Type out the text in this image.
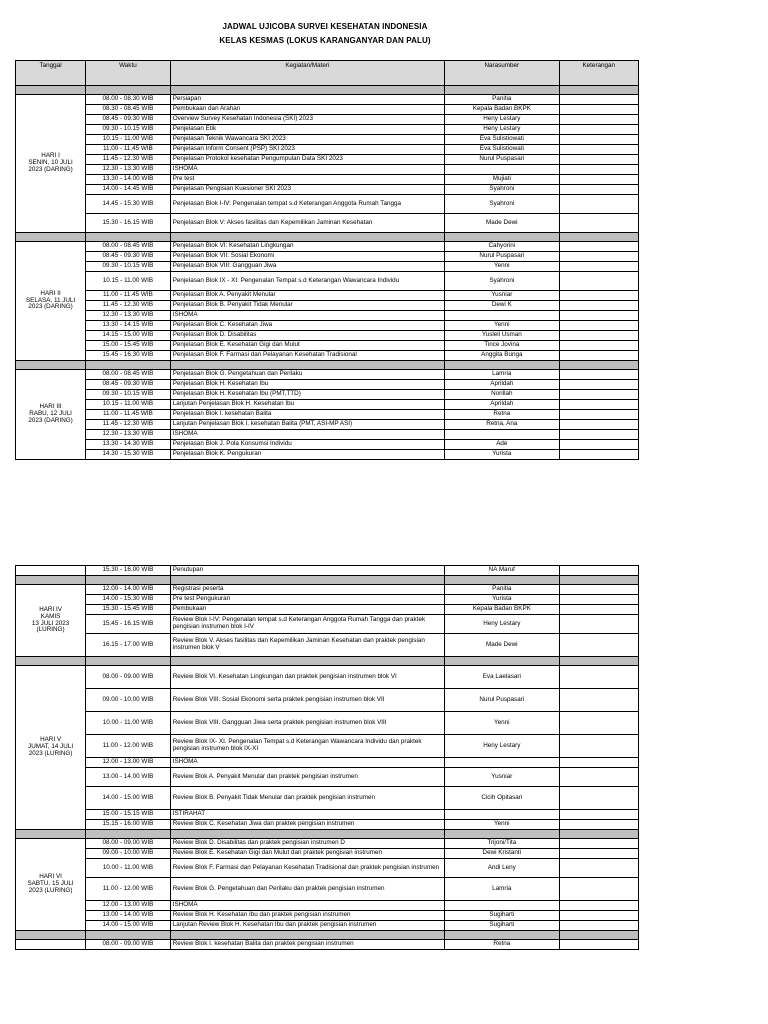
JADWAL UJICOBA SURVEI KESEHATAN INDONESIA
KELAS KESMAS (LOKUS KARANGANYAR DAN PALU)
Tanggal	Waktu	Kegiatan/Materi	Narasumber	Keterangan

HARI I
SENIN, 10 JULI
2023 (DARING)	08.00 - 08.30 WIB	Persiapan	Panitia	
	08.30 - 08.45 WIB	Pembukaan dan Arahan	Kepala Badan BKPK	
	08.45 - 09.30 WIB	Overview Survey Kesehatan Indonesia (SKI) 2023	Heny Lestary	
	09.30 - 10.15 WIB	Penjelasan Etik	Heny Lestary	
	10.15 - 11.00 WIB	Penjelasan Teknik Wawancara SKI 2023	Eva Sulistiowati	
	11.00 - 11.45 WIB	Penjelasan Inform Consent (PSP) SKI 2023	Eva Sulistiowati	
	11.45 - 12.30 WIB	Penjelasan Protokol kesehatan Pengumpulan Data SKI 2023	Nurul Puspasari	
	12.30 - 13.30 WIB	ISHOMA		
	13.30 - 14.00 WIB	Pre test	Mujiati	
	14.00 - 14.45 WIB	Penjelasan Pengisian Kuesioner SKI 2023	Syahroni	
	14.45 - 15.30 WIB	Penjelasan Blok I-IV: Pengenalan tempat s.d Keterangan Anggota Rumah Tangga	Syahroni	
	15.30 - 16.15 WIB	Penjelasan Blok V: Akses fasilitas dan Kepemilikan Jaminan Kesehatan	Made Dewi	

HARI II
SELASA, 11 JULI
2023 (DARING)	08.00 - 08.45 WIB	Penjelasan Blok VI: Kesehatan Lingkungan	Cahyorini	
	08.45 - 09.30 WIB	Penjelasan Blok VII: Sosial Ekonomi	Nurul Puspasari	
	09.30 - 10.15 WIB	Penjelasan Blok VIII: Gangguan Jiwa	Yenni	
	10.15 - 11.00 WIB	Penjelasan Blok IX - XI: Pengenalan Tempat s.d Keterangan Wawancara Individu	Syahroni	
	11.00 - 11.45 WIB	Penjelasan Blok A. Penyakit Menular	Yusniar	
	11.45 - 12.30 WIB	Penjelasan Blok B. Penyakit Tidak Menular	Dewi K	
	12.30 - 13.30 WIB	ISHOMA		
	13.30 - 14.15 WIB	Penjelasan Blok C. Kesehatan Jiwa	Yenni	
	14.15 - 15.00 WIB	Penjelasan Blok D. Disabilitas	Yusleli Usman	
	15.00 - 15.45 WIB	Penjelasan Blok E. Kesehatan Gigi dan Mulut	Tince Jovina	
	15.45 - 16.30 WIB	Penjelasan Blok F. Farmasi dan Pelayanan Kesehatan Tradisional	Anggita Bunga	

HARI III
RABU, 12 JULI
2023 (DARING)	08.00 - 08.45 WIB	Penjelasan Blok G. Pengetahuan dan Perilaku	Lamria	
	08.45 - 09.30 WIB	Penjelasan Blok H. Kesehatan Ibu	Aprildah	
	09.30 - 10.15 WIB	Penjelasan Blok H. Kesehatan Ibu (PMT,TTD)	Norillah	
	10.15 - 11.00 WIB	Lanjutan Penjelasan Blok H. Kesehatan Ibu	Aprildah	
	11.00 - 11.45 WIB	Penjelasan Blok I. kesehatan Balita	Retna	
	11.45 - 12.30 WIB	Lanjutan Penjelasan Blok I. kesehatan Balita (PMT, ASI-MP ASI)	Retna, Ana	
	12.30 - 13.30 WIB	ISHOMA		
	13.30 - 14.30 WIB	Penjelasan Blok J. Pola Konsumsi Individu	Ade	
	14.30 - 15.30 WIB	Penjelasan Blok K. Pengukuran	Yurista	
	15.30 - 16.00 WIB	Penutupan	NA Maruf	

HARI IV
KAMIS
13 JULI 2023
(LURING)	12.00 - 14.00 WIB	Registrasi peserta	Panitia	
	14.00 - 15.30 WIB	Pre test Pengukuran	Yurista	
	15.30 - 15.45 WIB	Pembukaan	Kepala Badan BKPK	
	15.45 - 16.15 WIB	Review Blok I-IV: Pengenalan tempat s.d Keterangan Anggota Rumah Tangga dan praktek pengisian instrumen blok I-IV	Heny Lestary	
	16.15 - 17.00 WIB	Review Blok V. Akses fasilitas dan Kepemilikan Jaminan Kesehatan dan praktek pengisian instrumen blok V	Made Dewi	

HARI V
JUMAT, 14 JULI
2023 (LURING)	08.00 - 09.00 WIB	Review Blok VI. Kesehatan Lingkungan dan praktek pengisian instrumen blok VI	Eva Laelasari	
	09.00 - 10.00 WIB	Review Blok VIII. Sosial Ekonomi serta praktek pengisian instrumen blok VII	Nurul Puspasari	
	10.00 - 11.00 WIB	Review Blok VIII. Gangguan Jiwa serta praktek pengisian instrumen blok VIII	Yenni	
	11.00 - 12.00 WIB	Review Blok IX- XI. Pengenalan Tempat s.d Keterangan Wawancara Individu dan praktek pengisian instrumen blok IX-XI	Heny Lestary	
	12.00 - 13.00 WIB	ISHOMA		
	13.00 - 14.00 WIB	Review Blok A. Penyakit Menular dan praktek pengisian instrumen	Yusniar	
	14.00 - 15.00 WIB	Review Blok B. Penyakit Tidak Menular dan praktek pengisian instrumen	Cicih Opitasari	
	15.00 - 15.15 WIB	ISTIRAHAT		
	15.15 - 16.00 WIB	Review Blok C. Kesehatan Jiwa dan praktek pengisian instrumen	Yenni	

HARI VI
SABTU, 15 JULI
2023 (LURING)	08.00 - 09.00 WIB	Review Blok D. Disabilitas dan praktek pengisian instrumen D	Trijoni/Tita	
	09.00 - 10.00 WIB	Review Blok E. Kesehatan Gigi dan Mulut dan praktek pengisian instrumen	Dewi Kristanti	
	10.00 - 11.00 WIB	Review Blok F. Farmasi dan Pelayanan Kesehatan Tradisional dan praktek pengisian instrumen	Andi Leny	
	11.00 - 12.00 WIB	Review Blok G. Pengetahuan dan Perilaku dan praktek pengisian instrumen	Lamria	
	12.00 - 13.00 WIB	ISHOMA		
	13.00 - 14.00 WIB	Review Blok H. Kesehatan Ibu dan praktek pengisian instrumen	Sugiharti	
	14.00 - 15.00 WIB	Lanjutan Review Blok H. Kesehatan Ibu dan praktek pengisian instrumen	Sugiharti	

	08.00 - 09.00 WIB	Review Blok I. kesehatan Balita dan praktek pengisian instrumen	Retna	
